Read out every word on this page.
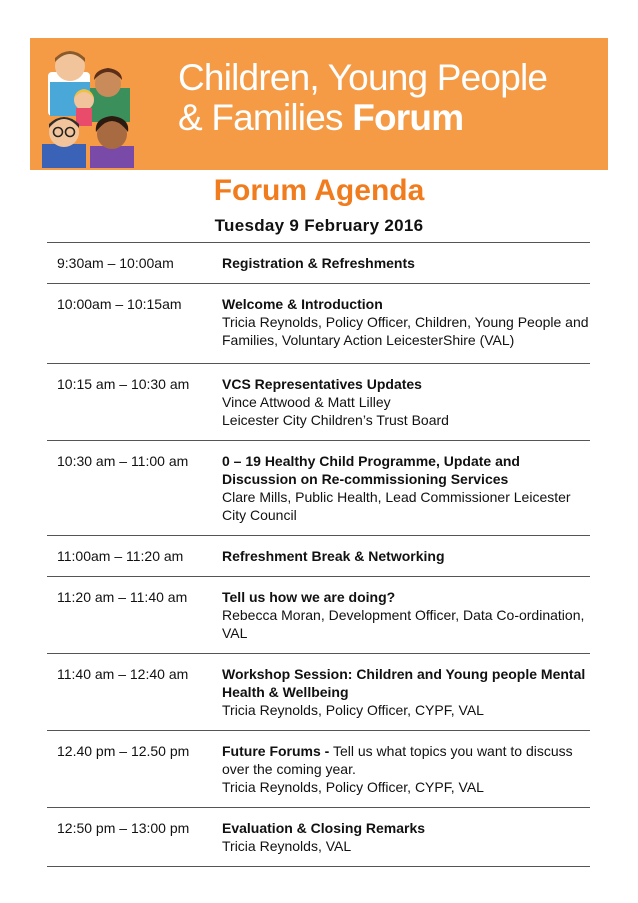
Children, Young People
& Families Forum
Forum Agenda
Tuesday 9 February 2016
9:30am – 10:00am	Registration & Refreshments
10:00am – 10:15am	Welcome & Introduction
Tricia Reynolds, Policy Officer, Children, Young People and Families, Voluntary Action LeicesterShire (VAL)
10:15 am – 10:30 am	VCS Representatives Updates
Vince Attwood & Matt Lilley
Leicester City Children’s Trust Board
10:30 am – 11:00 am	0 – 19 Healthy Child Programme, Update and Discussion on Re-commissioning Services
Clare Mills, Public Health, Lead Commissioner Leicester City Council
11:00am – 11:20 am	Refreshment Break & Networking
11:20 am – 11:40 am	Tell us how we are doing?
Rebecca Moran, Development Officer, Data Co-ordination, VAL
11:40 am – 12:40 am	Workshop Session: Children and Young people Mental Health & Wellbeing
Tricia Reynolds, Policy Officer, CYPF, VAL
12.40 pm – 12.50 pm	Future Forums - Tell us what topics you want to discuss over the coming year.
Tricia Reynolds, Policy Officer, CYPF, VAL
12:50 pm – 13:00 pm	Evaluation & Closing Remarks
Tricia Reynolds, VAL
